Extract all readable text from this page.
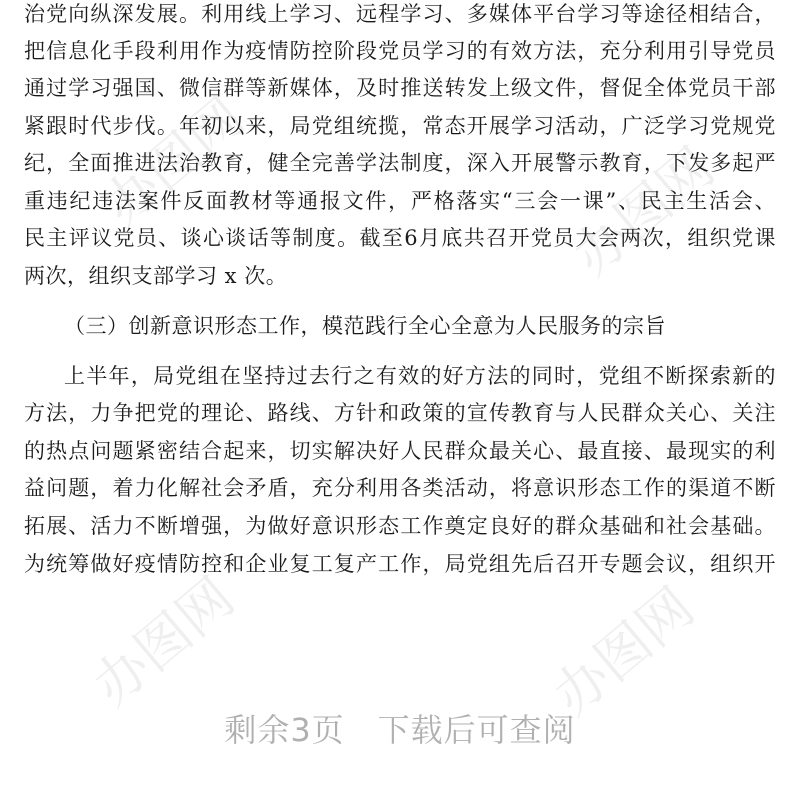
办图网	办图网
办图网	办图网
治党向纵深发展。利用线上学习、远程学习、多媒体平台学习等途径相结合，
把信息化手段利用作为疫情防控阶段党员学习的有效方法，充分利用引导党员
通过学习强国、微信群等新媒体，及时推送转发上级文件，督促全体党员干部
紧跟时代步伐。年初以来，局党组统揽，常态开展学习活动，广泛学习党规党
纪，全面推进法治教育，健全完善学法制度，深入开展警示教育，下发多起严
重违纪违法案件反面教材等通报文件，严格落实“三会一课”、民主生活会、
民主评议党员、谈心谈话等制度。截至6月底共召开党员大会两次，组织党课
两次，组织支部学习 x 次。
（三）创新意识形态工作，模范践行全心全意为人民服务的宗旨
上半年，局党组在坚持过去行之有效的好方法的同时，党组不断探索新的
方法，力争把党的理论、路线、方针和政策的宣传教育与人民群众关心、关注
的热点问题紧密结合起来，切实解决好人民群众最关心、最直接、最现实的利
益问题，着力化解社会矛盾，充分利用各类活动，将意识形态工作的渠道不断
拓展、活力不断增强，为做好意识形态工作奠定良好的群众基础和社会基础。
为统筹做好疫情防控和企业复工复产工作，局党组先后召开专题会议，组织开
剩余3页　下载后可查阅
